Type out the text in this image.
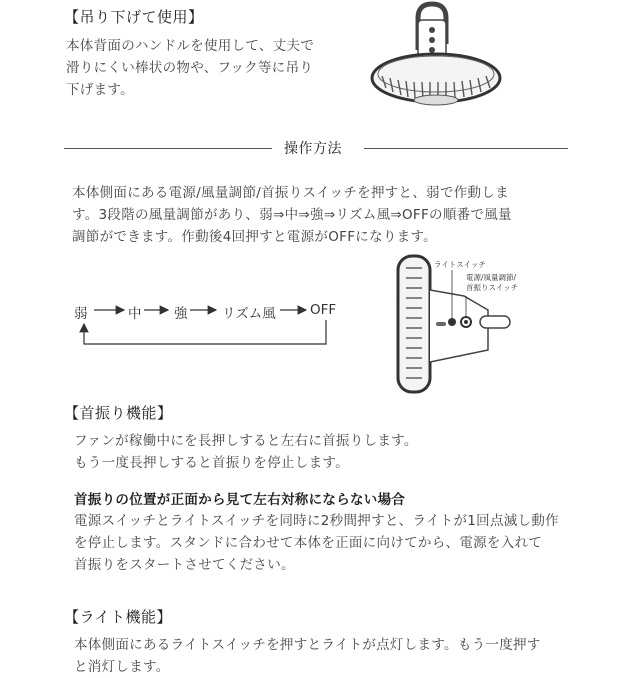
【吊り下げて使用】
本体背面のハンドルを使用して、丈夫で
滑りにくい棒状の物や、フック等に吊り
下げます。
操作方法
本体側面にある電源/風量調節/首振りスイッチを押すと、弱で作動しま
す。3段階の風量調節があり、弱⇒中⇒強⇒リズム風⇒OFFの順番で風量
調節ができます。作動後4回押すと電源がOFFになります。
弱	中 強	リズム風	OFF
ライトスイッチ
電源/風量調節/
首振りスイッチ
【首振り機能】
ファンが稼働中にを長押しすると左右に首振りします。
もう一度長押しすると首振りを停止します。
首振りの位置が正面から見て左右対称にならない場合
電源スイッチとライトスイッチを同時に2秒間押すと、ライトが1回点滅し動作
を停止します。スタンドに合わせて本体を正面に向けてから、電源を入れて
首振りをスタートさせてください。
【ライト機能】
本体側面にあるライトスイッチを押すとライトが点灯します。もう一度押す
と消灯します。
